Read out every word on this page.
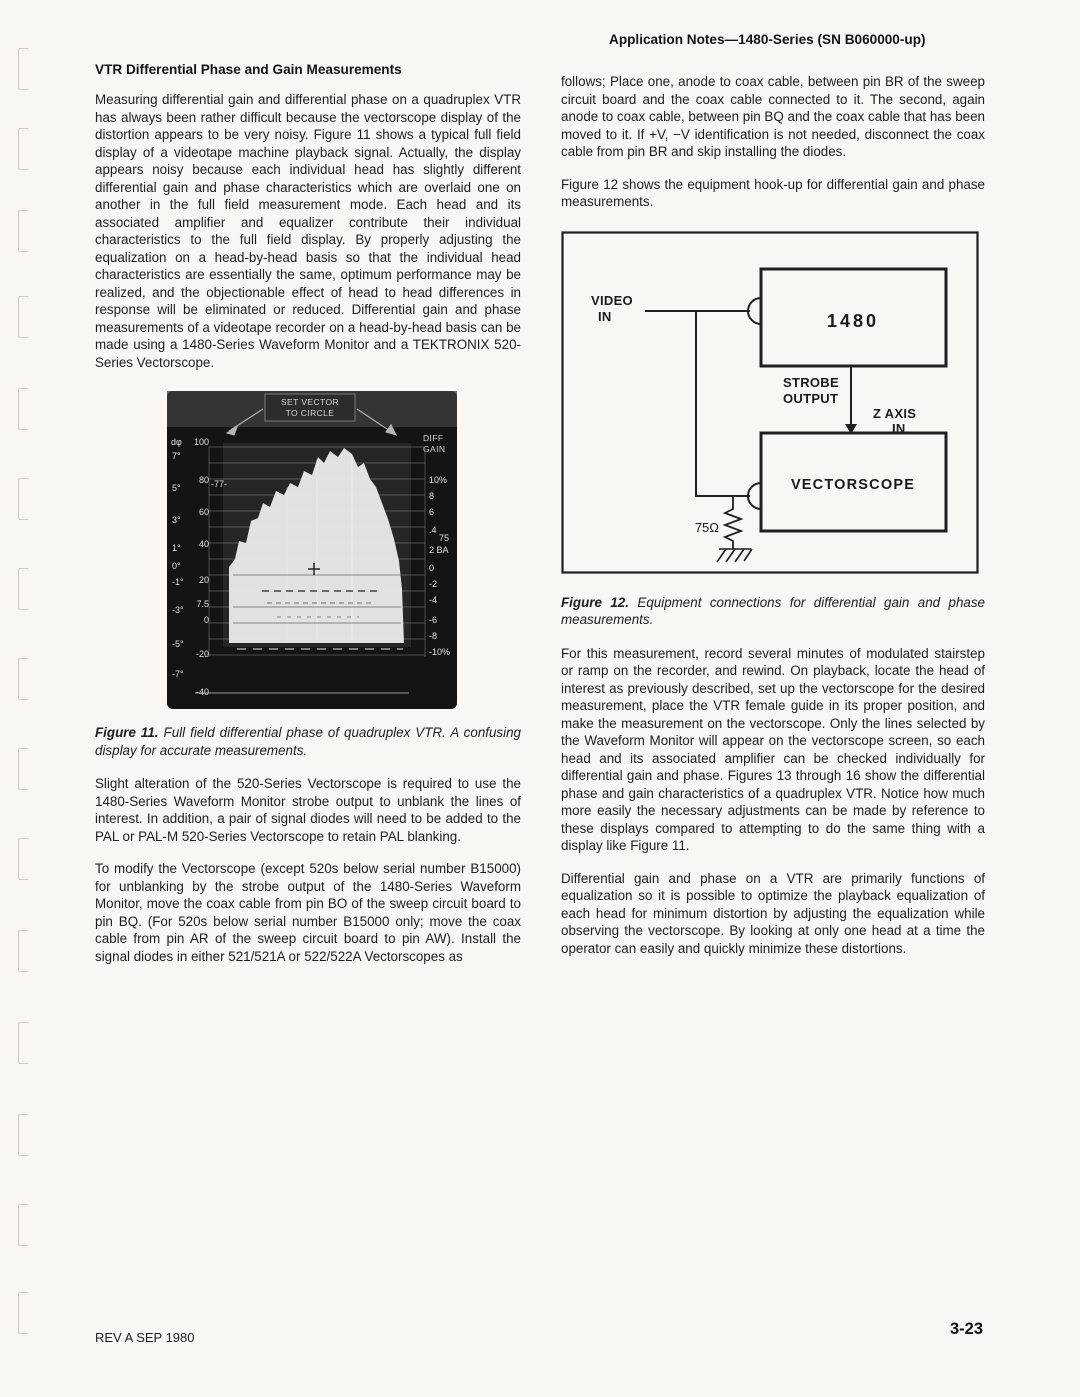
VTR Differential Phase and Gain Measurements

Measuring differential gain and differential phase on a quadruplex VTR has always been rather difficult because the vectorscope display of the distortion appears to be very noisy. Figure 11 shows a typical full field display of a videotape machine playback signal. Actually, the display appears noisy because each individual head has slightly different differential gain and phase characteristics which are overlaid one on another in the full field measurement mode. Each head and its associated amplifier and equalizer contribute their individual characteristics to the full field display. By properly adjusting the equalization on a head-by-head basis so that the individual head characteristics are essentially the same, optimum performance may be realized, and the objectionable effect of head to head differences in response will be eliminated or reduced. Differential gain and phase measurements of a videotape recorder on a head-by-head basis can be made using a 1480-Series Waveform Monitor and a TEKTRONIX 520-Series Vectorscope.

SET VECTOR
TO CIRCLE
DIFF
GAIN
dφ 100
7°
80
5°
60
3°
40
1°
0°
20
-1°
7.5
-3°
0
-20
-5°
-7°
-40
-77-	10%
8
6
.4
75
2 BA
0
-2
-4
-6
-8
-10%
Figure 11. Full field differential phase of quadruplex VTR. A confusing display for accurate measurements.

Slight alteration of the 520-Series Vectorscope is required to use the 1480-Series Waveform Monitor strobe output to unblank the lines of interest. In addition, a pair of signal diodes will need to be added to the PAL or PAL-M 520-Series Vectorscope to retain PAL blanking.

To modify the Vectorscope (except 520s below serial number B15000) for unblanking by the strobe output of the 1480-Series Waveform Monitor, move the coax cable from pin BO of the sweep circuit board to pin BQ. (For 520s below serial number B15000 only; move the coax cable from pin AR of the sweep circuit board to pin AW). Install the signal diodes in either 521/521A or 522/522A Vectorscopes as

Application Notes—1480-Series (SN B060000-up)

follows; Place one, anode to coax cable, between pin BR of the sweep circuit board and the coax cable connected to it. The second, again anode to coax cable, between pin BQ and the coax cable that has been moved to it. If +V, −V identification is not needed, disconnect the coax cable from pin BR and skip installing the diodes.

Figure 12 shows the equipment hook-up for differential gain and phase measurements.

1480
VECTORSCOPE
VIDEO
IN
75Ω
STROBE
OUTPUT
Z AXIS
IN
Figure 12. Equipment connections for differential gain and phase measurements.

For this measurement, record several minutes of modulated stairstep or ramp on the recorder, and rewind. On playback, locate the head of interest as previously described, set up the vectorscope for the desired measurement, place the VTR female guide in its proper position, and make the measurement on the vectorscope. Only the lines selected by the Waveform Monitor will appear on the vectorscope screen, so each head and its associated amplifier can be checked individually for differential gain and phase. Figures 13 through 16 show the differential phase and gain characteristics of a quadruplex VTR. Notice how much more easily the necessary adjustments can be made by reference to these displays compared to attempting to do the same thing with a display like Figure 11.

Differential gain and phase on a VTR are primarily functions of equalization so it is possible to optimize the playback equalization of each head for minimum distortion by adjusting the equalization while observing the vectorscope. By looking at only one head at a time the operator can easily and quickly minimize these distortions.

REV A SEP 1980	3-23
